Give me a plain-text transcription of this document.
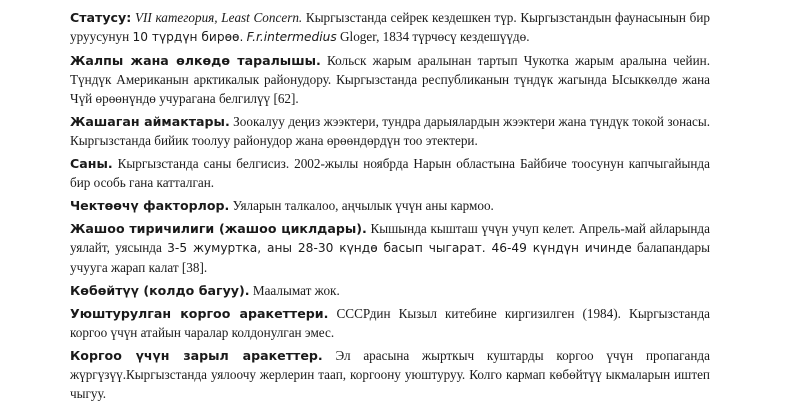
Статусу: VII категория, Least Concern. Кыргызстанда сейрек кездешкен түр. Кыргызстандын фаунасынын бир уруусунун 10 түрдүн бирөө. F.r.intermedius Gloger, 1834 түрчөсү кездешүүдө.

Жалпы жана өлкөдө таралышы. Кольск жарым аралынан тартып Чукотка жарым аралына чейин. Түндүк Американын арктикалык районудору. Кыргызстанда республиканын түндүк жагында Ысыккөлдө жана Чүй өрөөнүндө учурагана белгилүү [62].

Жашаган аймактары. Зоокалуу деңиз жээктери, тундра дарыялардын жээктери жана түндүк токой зонасы. Кыргызстанда бийик тоолуу районудор жана өрөөндөрдүн тоо этектери.

Саны. Кыргызстанда саны белгисиз. 2002-жылы ноябрда Нарын областына Байбиче тоосунун капчыгайында бир особь гана катталган.

Чектөөчү факторлор. Уяларын талкалоо, аңчылык үчүн аны кармоо.

Жашоо тиричилиги (жашоо циклдары). Кышында кышташ үчүн учуп келет. Апрель-май айларында уялайт, уясында 3-5 жумуртка, аны 28-30 күндө басып чыгарат. 46-49 күндүн ичинде балапандары учууга жарап калат [38].

Көбөйтүү (колдо багуу). Маалымат жок.

Уюштурулган коргоо аракеттери. СССРдин Кызыл китебине киргизилген (1984). Кыргызстанда коргоо үчүн атайын чаралар колдонулган эмес.

Коргоо үчүн зарыл аракеттер. Эл арасына жырткыч куштарды коргоо үчүн пропаганда жүргүзүү.Кыргызстанда уялоочу жерлерин таап, коргоону уюштуруу. Колго кармап көбөйтүү ыкмаларын иштеп чыгуу.
